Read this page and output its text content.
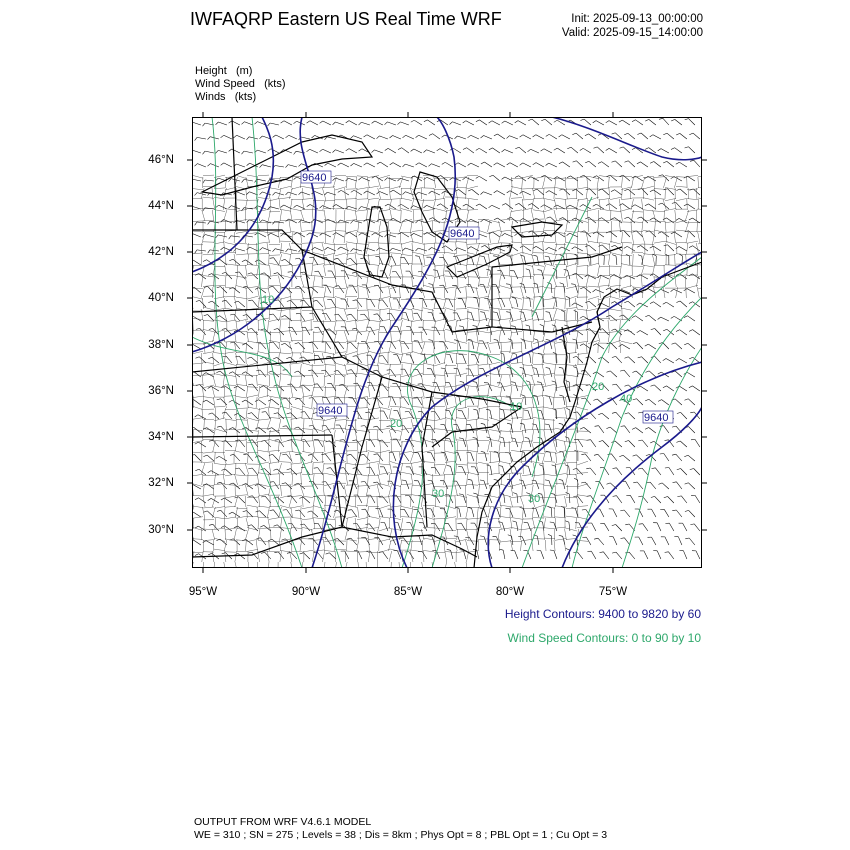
IWFAQRP Eastern US Real Time WRF	Init: 2025-09-13_00:00:00
Valid: 2025-09-15_14:00:00
Height (m)
Wind Speed (kts)
Winds (kts)
9640
9640
9640
9640
10
20
30
40
30
10
20
46°N
44°N
42°N
40°N
38°N
36°N
34°N
32°N
30°N
95°W	90°W	85°W	80°W	75°W
Height Contours: 9400 to 9820 by 60
Wind Speed Contours: 0 to 90 by 10
OUTPUT FROM WRF V4.6.1 MODEL
WE = 310 ; SN = 275 ; Levels = 38 ; Dis = 8km ; Phys Opt = 8 ; PBL Opt = 1 ; Cu Opt = 3
